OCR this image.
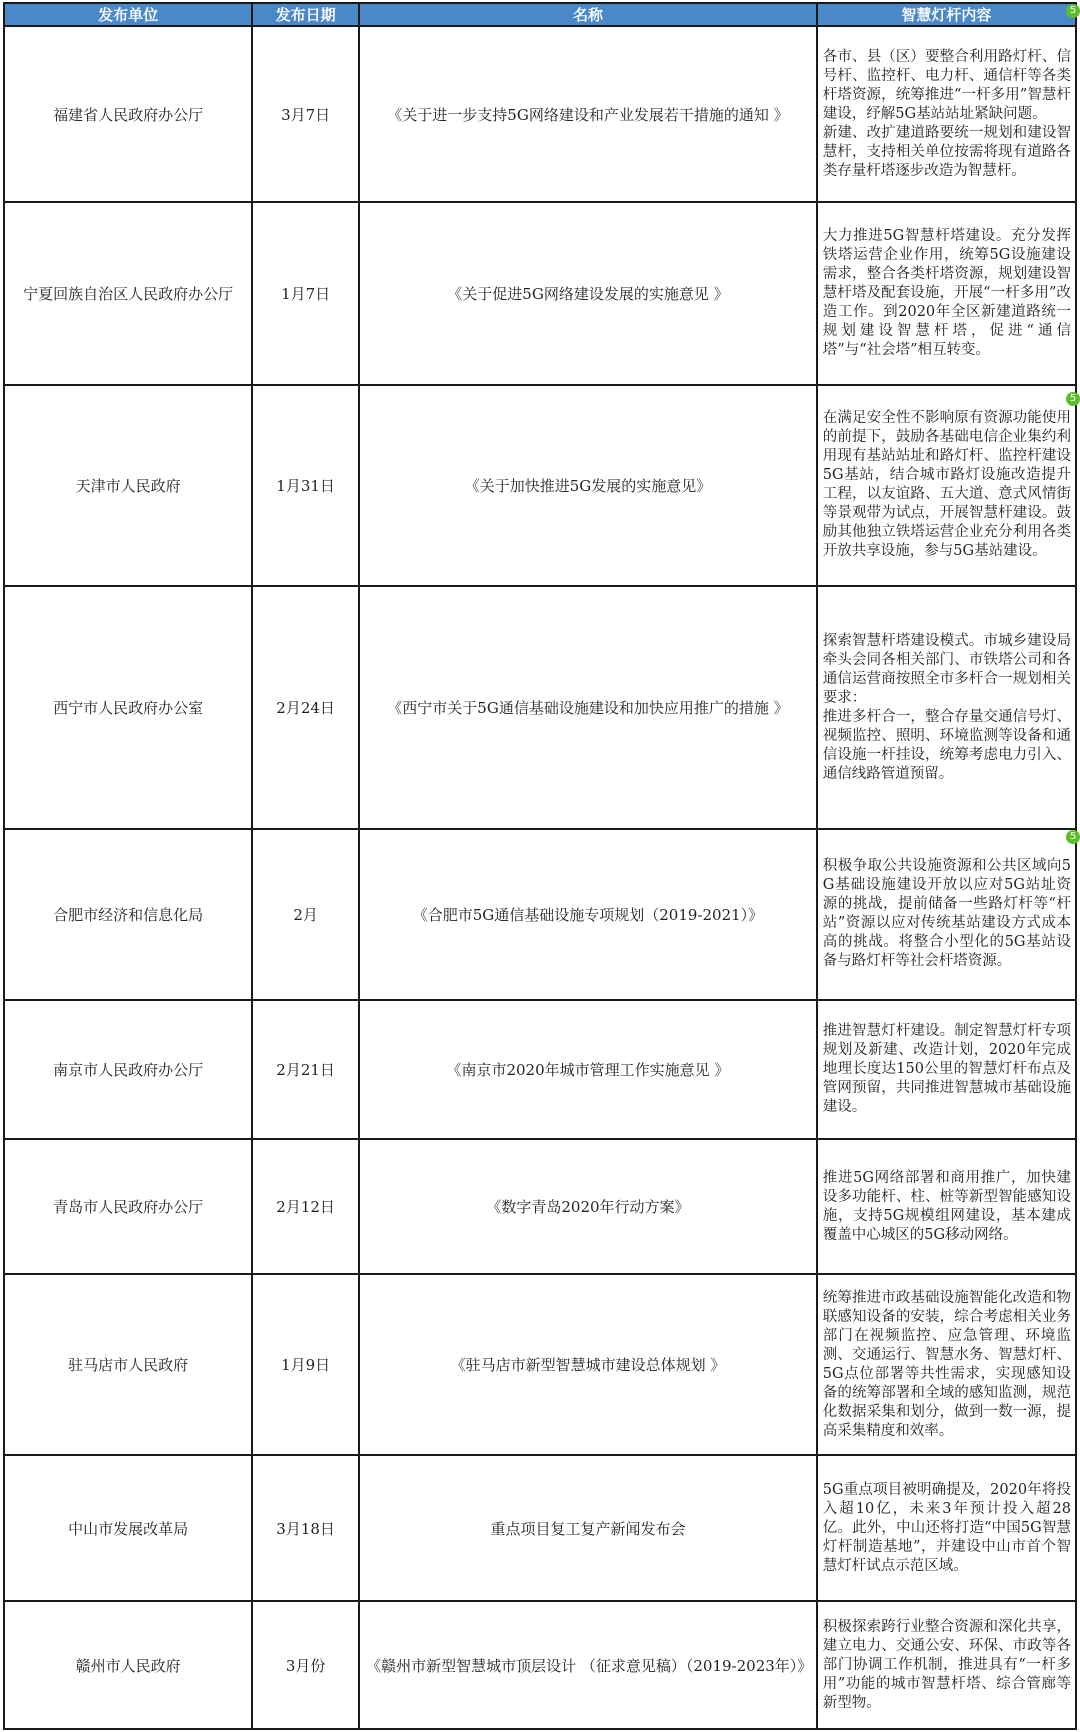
发布单位	发布日期	名称	智慧灯杆内容
福建省人民政府办公厅	3月7日	《关于进一步支持5G网络建设和产业发展若干措施的通知 》	各市、县（区）要整合利用路灯杆、信号杆、监控杆、电力杆、通信杆等各类杆塔资源，统筹推进“一杆多用”智慧杆建设，纾解5G基站站址紧缺问题。
新建、改扩建道路要统一规划和建设智慧杆，支持相关单位按需将现有道路各类存量杆塔逐步改造为智慧杆。
宁夏回族自治区人民政府办公厅	1月7日	《关于促进5G网络建设发展的实施意见 》	大力推进5G智慧杆塔建设。充分发挥铁塔运营企业作用，统筹5G设施建设需求，整合各类杆塔资源，规划建设智慧杆塔及配套设施，开展“一杆多用”改造工作。到2020年全区新建道路统一规划建设智慧杆塔，促进“通信塔”与“社会塔”相互转变。
天津市人民政府	1月31日	《关于加快推进5G发展的实施意见》	在满足安全性不影响原有资源功能使用的前提下，鼓励各基础电信企业集约利用现有基站站址和路灯杆、监控杆建设5G基站，结合城市路灯设施改造提升工程，以友谊路、五大道、意式风情街等景观带为试点，开展智慧杆建设。鼓励其他独立铁塔运营企业充分利用各类开放共享设施，参与5G基站建设。
西宁市人民政府办公室	2月24日	《西宁市关于5G通信基础设施建设和加快应用推广的措施 》	探索智慧杆塔建设模式。市城乡建设局牵头会同各相关部门、市铁塔公司和各通信运营商按照全市多杆合一规划相关要求：
推进多杆合一，整合存量交通信号灯、视频监控、照明、环境监测等设备和通信设施一杆挂设，统筹考虑电力引入、通信线路管道预留。
合肥市经济和信息化局	2月	《合肥市5G通信基础设施专项规划（2019-2021）》	积极争取公共设施资源和公共区域向5G基础设施建设开放以应对5G站址资源的挑战，提前储备一些路灯杆等“杆站”资源以应对传统基站建设方式成本高的挑战。将整合小型化的5G基站设备与路灯杆等社会杆塔资源。
南京市人民政府办公厅	2月21日	《南京市2020年城市管理工作实施意见 》	推进智慧灯杆建设。制定智慧灯杆专项规划及新建、改造计划，2020年完成地理长度达150公里的智慧灯杆布点及管网预留，共同推进智慧城市基础设施建设。
青岛市人民政府办公厅	2月12日	《数字青岛2020年行动方案》	推进5G网络部署和商用推广，加快建设多功能杆、柱、桩等新型智能感知设施，支持5G规模组网建设，基本建成覆盖中心城区的5G移动网络。
驻马店市人民政府	1月9日	《驻马店市新型智慧城市建设总体规划 》	统筹推进市政基础设施智能化改造和物联感知设备的安装，综合考虑相关业务部门在视频监控、应急管理、环境监测、交通运行、智慧水务、智慧灯杆、5G点位部署等共性需求，实现感知设备的统筹部署和全域的感知监测，规范化数据采集和划分，做到一数一源，提高采集精度和效率。
中山市发展改革局	3月18日	重点项目复工复产新闻发布会	5G重点项目被明确提及，2020年将投入超10亿，未来3年预计投入超28亿。此外，中山还将打造“中国5G智慧灯杆制造基地”，并建设中山市首个智慧灯杆试点示范区域。
赣州市人民政府	3月份	《赣州市新型智慧城市顶层设计 （征求意见稿）（2019-2023年）》	积极探索跨行业整合资源和深化共享，建立电力、交通公安、环保、市政等各部门协调工作机制，推进具有“一杆多用”功能的城市智慧杆塔、综合管廊等新型物。
5
5
5
